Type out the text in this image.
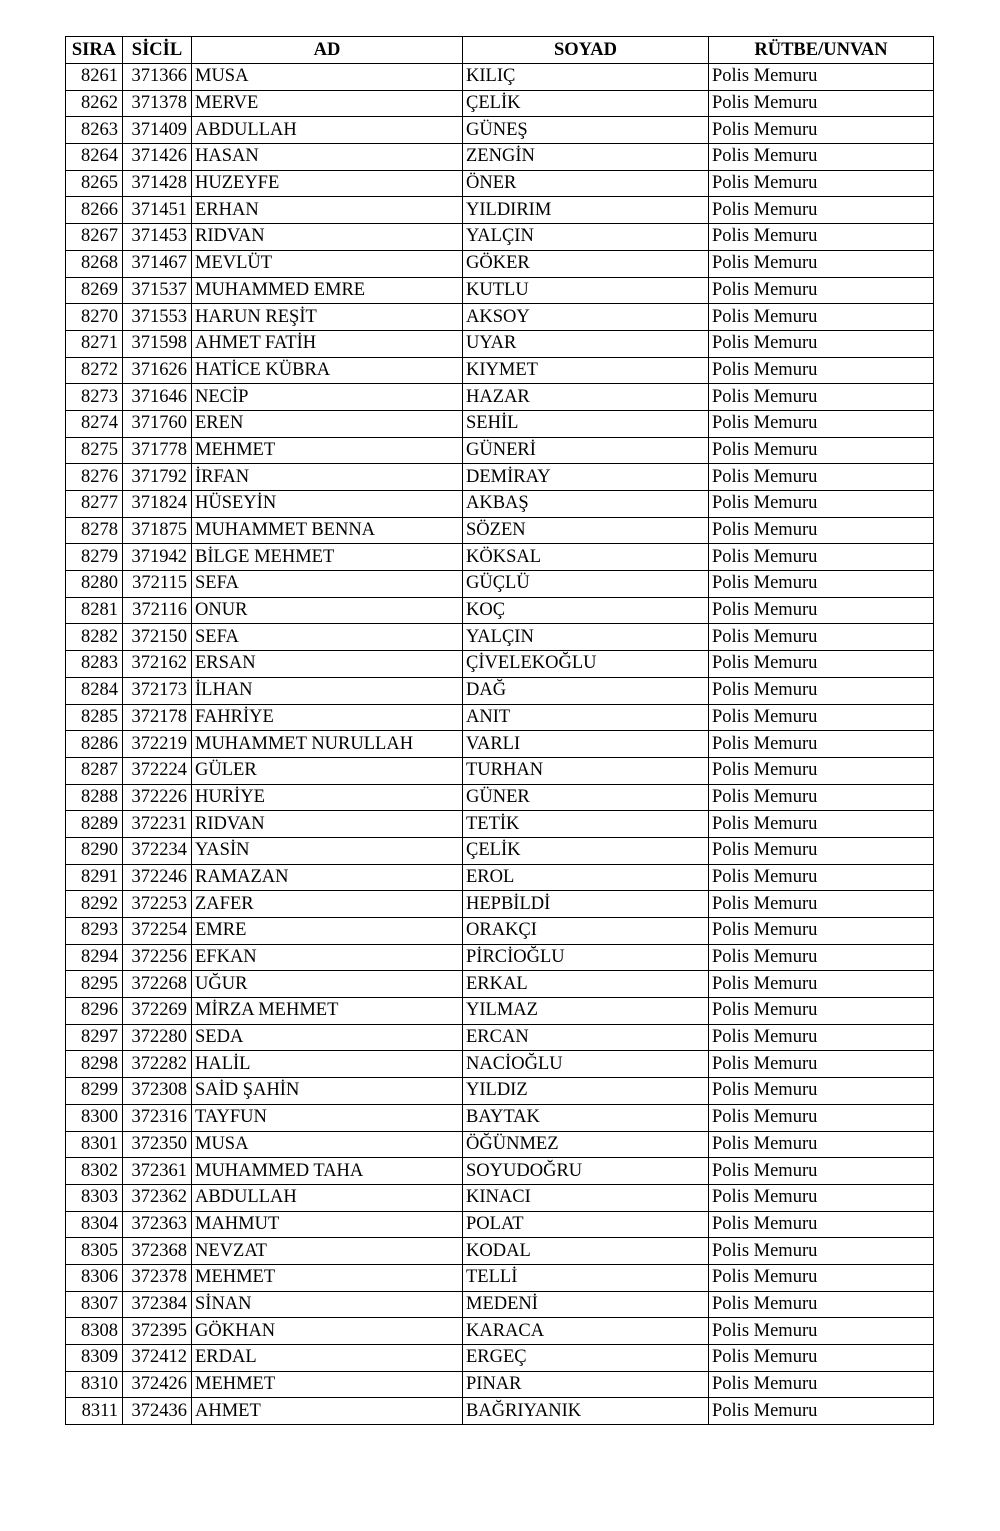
SIRA	SİCİL	AD	SOYAD	RÜTBE/UNVAN
8261	371366	MUSA	KILIÇ	Polis Memuru
8262	371378	MERVE	ÇELİK	Polis Memuru
8263	371409	ABDULLAH	GÜNEŞ	Polis Memuru
8264	371426	HASAN	ZENGİN	Polis Memuru
8265	371428	HUZEYFE	ÖNER	Polis Memuru
8266	371451	ERHAN	YILDIRIM	Polis Memuru
8267	371453	RIDVAN	YALÇIN	Polis Memuru
8268	371467	MEVLÜT	GÖKER	Polis Memuru
8269	371537	MUHAMMED EMRE	KUTLU	Polis Memuru
8270	371553	HARUN REŞİT	AKSOY	Polis Memuru
8271	371598	AHMET FATİH	UYAR	Polis Memuru
8272	371626	HATİCE KÜBRA	KIYMET	Polis Memuru
8273	371646	NECİP	HAZAR	Polis Memuru
8274	371760	EREN	SEHİL	Polis Memuru
8275	371778	MEHMET	GÜNERİ	Polis Memuru
8276	371792	İRFAN	DEMİRAY	Polis Memuru
8277	371824	HÜSEYİN	AKBAŞ	Polis Memuru
8278	371875	MUHAMMET BENNA	SÖZEN	Polis Memuru
8279	371942	BİLGE MEHMET	KÖKSAL	Polis Memuru
8280	372115	SEFA	GÜÇLÜ	Polis Memuru
8281	372116	ONUR	KOÇ	Polis Memuru
8282	372150	SEFA	YALÇIN	Polis Memuru
8283	372162	ERSAN	ÇİVELEKOĞLU	Polis Memuru
8284	372173	İLHAN	DAĞ	Polis Memuru
8285	372178	FAHRİYE	ANIT	Polis Memuru
8286	372219	MUHAMMET NURULLAH	VARLI	Polis Memuru
8287	372224	GÜLER	TURHAN	Polis Memuru
8288	372226	HURİYE	GÜNER	Polis Memuru
8289	372231	RIDVAN	TETİK	Polis Memuru
8290	372234	YASİN	ÇELİK	Polis Memuru
8291	372246	RAMAZAN	EROL	Polis Memuru
8292	372253	ZAFER	HEPBİLDİ	Polis Memuru
8293	372254	EMRE	ORAKÇI	Polis Memuru
8294	372256	EFKAN	PİRCİOĞLU	Polis Memuru
8295	372268	UĞUR	ERKAL	Polis Memuru
8296	372269	MİRZA MEHMET	YILMAZ	Polis Memuru
8297	372280	SEDA	ERCAN	Polis Memuru
8298	372282	HALİL	NACİOĞLU	Polis Memuru
8299	372308	SAİD ŞAHİN	YILDIZ	Polis Memuru
8300	372316	TAYFUN	BAYTAK	Polis Memuru
8301	372350	MUSA	ÖĞÜNMEZ	Polis Memuru
8302	372361	MUHAMMED TAHA	SOYUDOĞRU	Polis Memuru
8303	372362	ABDULLAH	KINACI	Polis Memuru
8304	372363	MAHMUT	POLAT	Polis Memuru
8305	372368	NEVZAT	KODAL	Polis Memuru
8306	372378	MEHMET	TELLİ	Polis Memuru
8307	372384	SİNAN	MEDENİ	Polis Memuru
8308	372395	GÖKHAN	KARACA	Polis Memuru
8309	372412	ERDAL	ERGEÇ	Polis Memuru
8310	372426	MEHMET	PINAR	Polis Memuru
8311	372436	AHMET	BAĞRIYANIK	Polis Memuru
